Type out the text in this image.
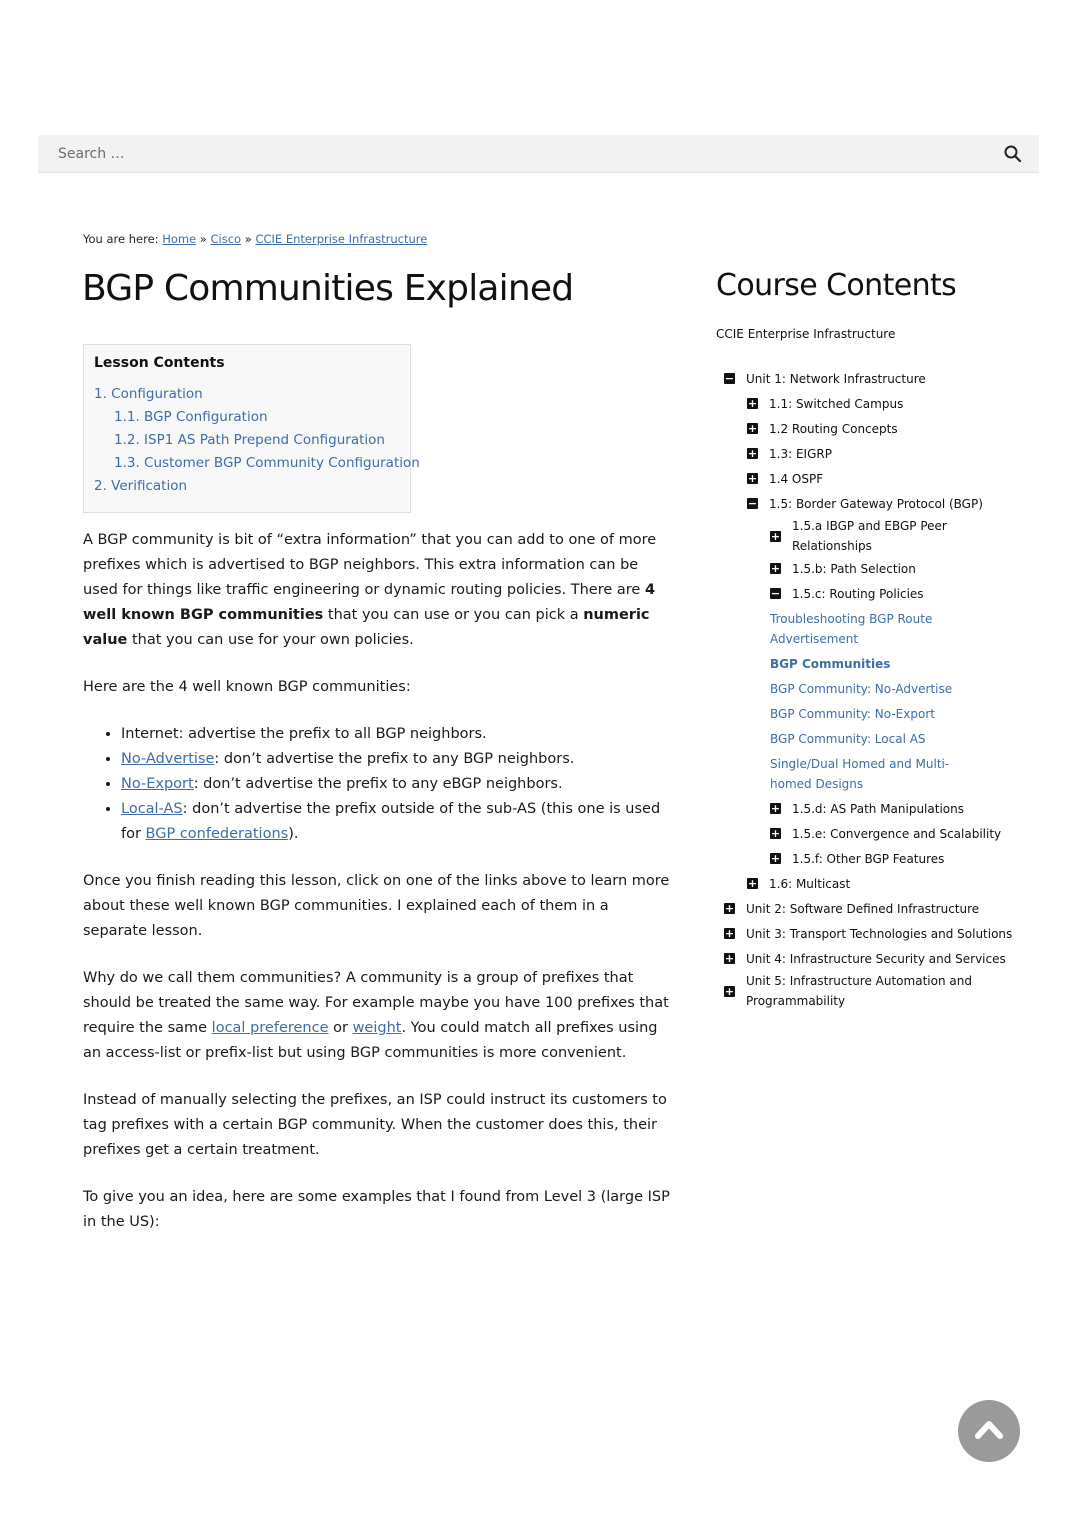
Search …
You are here: Home » Cisco » CCIE Enterprise Infrastructure
BGP Communities Explained

Lesson Contents

1. Configuration
1.1. BGP Configuration
1.2. ISP1 AS Path Prepend Configuration
1.3. Customer BGP Community Configuration
2. Verification

A BGP community is bit of “extra information” that you can add to one of more prefixes which is advertised to BGP neighbors. This extra information can be used for things like traffic engineering or dynamic routing policies. There are 4 well known BGP communities that you can use or you can pick a numeric value that you can use for your own policies.

Here are the 4 well known BGP communities:

• Internet: advertise the prefix to all BGP neighbors.
• No-Advertise: don’t advertise the prefix to any BGP neighbors.
• No-Export: don’t advertise the prefix to any eBGP neighbors.
• Local-AS: don’t advertise the prefix outside of the sub-AS (this one is used for BGP confederations).

Once you finish reading this lesson, click on one of the links above to learn more about these well known BGP communities. I explained each of them in a separate lesson.

Why do we call them communities? A community is a group of prefixes that should be treated the same way. For example maybe you have 100 prefixes that require the same local preference or weight. You could match all prefixes using an access-list or prefix-list but using BGP communities is more convenient.

Instead of manually selecting the prefixes, an ISP could instruct its customers to tag prefixes with a certain BGP community. When the customer does this, their prefixes get a certain treatment.

To give you an idea, here are some examples that I found from Level 3 (large ISP in the US):

Course Contents
CCIE Enterprise Infrastructure
− Unit 1: Network Infrastructure
+ 1.1: Switched Campus
+ 1.2 Routing Concepts
+ 1.3: EIGRP
+ 1.4 OSPF
− 1.5: Border Gateway Protocol (BGP)
+
1.5.a IBGP and EBGP Peer Relationships
+ 1.5.b: Path Selection
− 1.5.c: Routing Policies
Troubleshooting BGP Route Advertisement
BGP Communities
BGP Community: No-Advertise
BGP Community: No-Export
BGP Community: Local AS
Single/Dual Homed and Multi-homed Designs
+ 1.5.d: AS Path Manipulations
+ 1.5.e: Convergence and Scalability
+ 1.5.f: Other BGP Features
+ 1.6: Multicast
+ Unit 2: Software Defined Infrastructure
+ Unit 3: Transport Technologies and Solutions
+ Unit 4: Infrastructure Security and Services
+
Unit 5: Infrastructure Automation and Programmability
